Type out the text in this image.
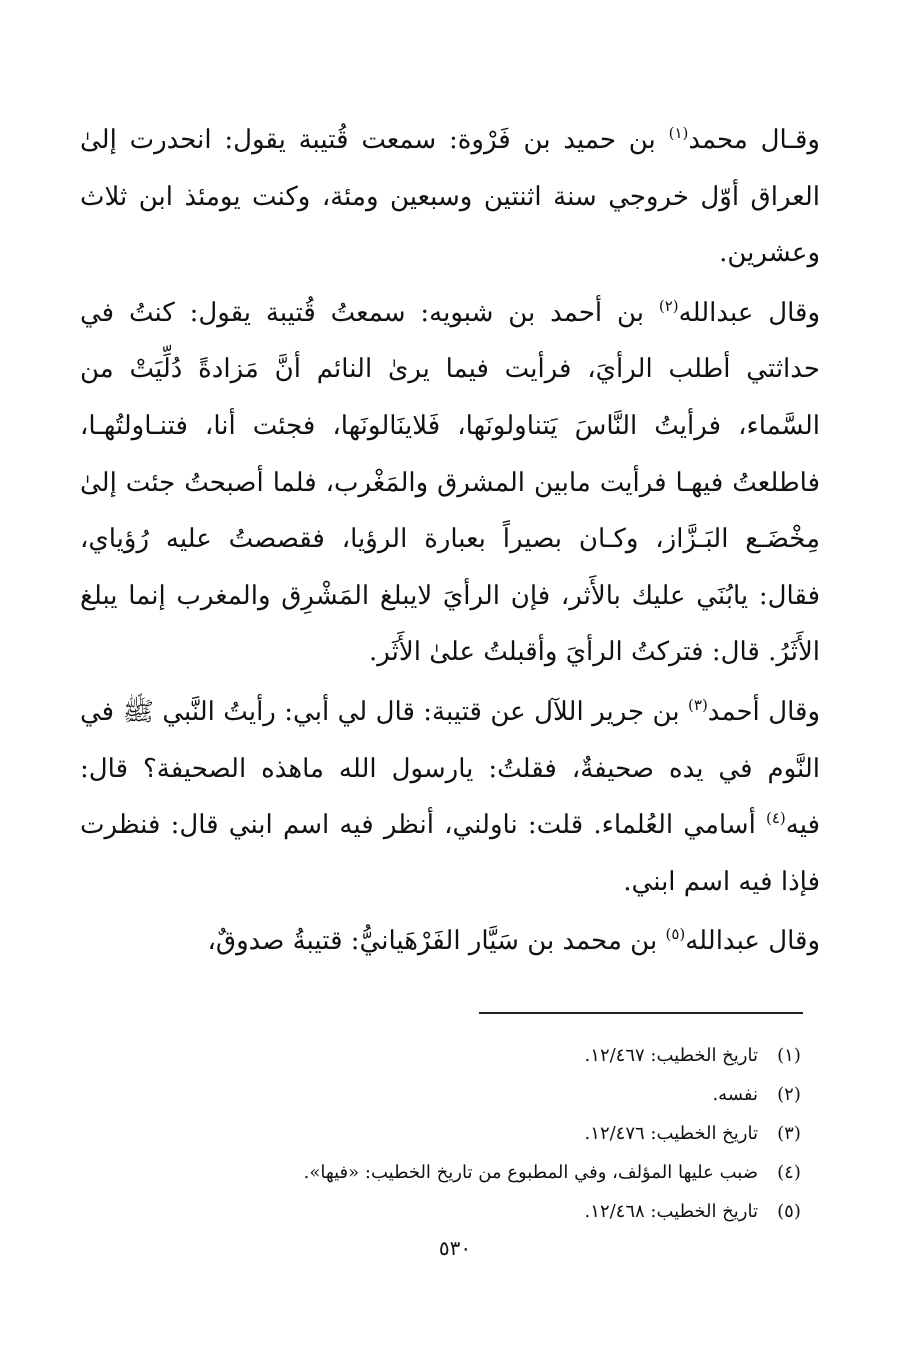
وقـال محمد$^{(١)}$ بن حميد بن فَرْوة: سمعت قُتيبة يقول: انحدرت إلىٰ العراق أوّل خروجي سنة اثنتين وسبعين ومئة، وكنت يومئذ ابن ثلاث وعشرين.

وقال عبدالله$^{(٢)}$ بن أحمد بن شبويه: سمعتُ قُتيبة يقول: كنتُ في حداثتي أطلب الرأيَ، فرأيت فيما يرىٰ النائم أنَّ مَزادةً دُلِّيَتْ من السَّماء، فرأيتُ النَّاسَ يَتناولونَها، فَلاينَالونَها، فجئت أنا، فتنـاولتُهـا، فاطلعتُ فيهـا فرأيت مابين المشرق والمَغْرب، فلما أصبحتُ جئت إلىٰ مِخْضَـع البَـزَّاز، وكـان بصيراً بعبارة الرؤيا، فقصصتُ عليه رُؤياي، فقال: يابُنَي عليك بالأَثر، فإن الرأيَ لايبلغ المَشْرِق والمغرب إنما يبلغ الأَثَرُ. قال: فتركتُ الرأيَ وأقبلتُ علىٰ الأَثَر.

وقال أحمد$^{(٣)}$ بن جرير اللآل عن قتيبة: قال لي أبي: رأيتُ النَّبي ﷺ في النَّوم في يده صحيفةٌ، فقلتُ: يارسول الله ماهذه الصحيفة؟ قال: فيه$^{(٤)}$ أسامي العُلماء. قلت: ناولني، أنظر فيه اسم ابني قال: فنظرت فإذا فيه اسم ابني.

وقال عبدالله$^{(٥)}$ بن محمد بن سَيَّار الفَرْهَيانيُّ: قتيبةُ صدوقٌ،

(١)
تاريخ الخطيب: ١٢/٤٦٧.
(٢)
نفسه.
(٣)
تاريخ الخطيب: ١٢/٤٧٦.
(٤)
ضبب عليها المؤلف، وفي المطبوع من تاريخ الخطيب: «فيها».
(٥)
تاريخ الخطيب: ١٢/٤٦٨.
٥٣٠
